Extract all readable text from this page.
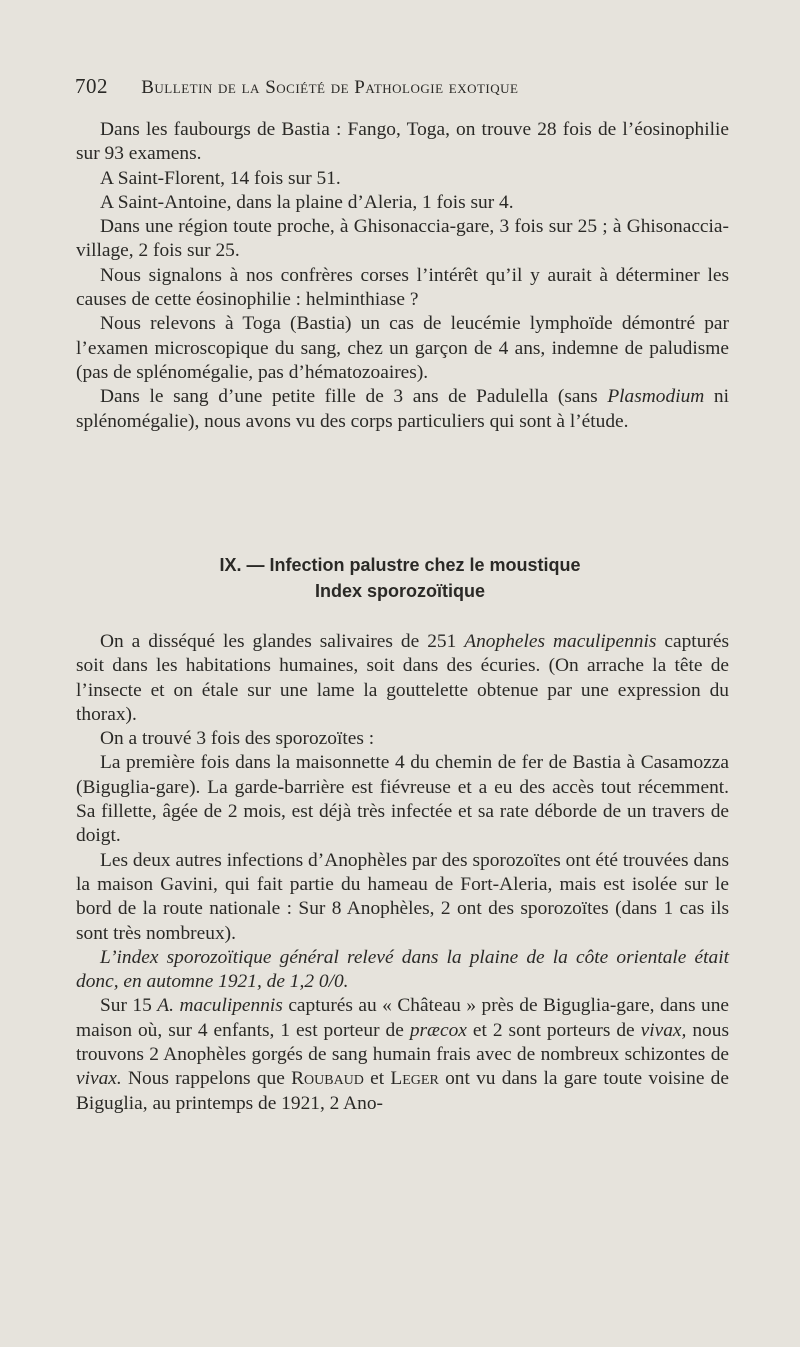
702 Bulletin de la Société de Pathologie exotique

Dans les faubourgs de Bastia : Fango, Toga, on trouve 28 fois de l’éosinophilie sur 93 examens.

A Saint-Florent, 14 fois sur 51.

A Saint-Antoine, dans la plaine d’Aleria, 1 fois sur 4.

Dans une région toute proche, à Ghisonaccia-gare, 3 fois sur 25 ; à Ghisonaccia-village, 2 fois sur 25.

Nous signalons à nos confrères corses l’intérêt qu’il y aurait à déterminer les causes de cette éosinophilie : helminthiase ?

Nous relevons à Toga (Bastia) un cas de leucémie lymphoïde démontré par l’examen microscopique du sang, chez un garçon de 4 ans, indemne de paludisme (pas de splénomégalie, pas d’hématozoaires).

Dans le sang d’une petite fille de 3 ans de Padulella (sans Plasmodium ni splénomégalie), nous avons vu des corps particuliers qui sont à l’étude.

IX. — Infection palustre chez le moustique
Index sporozoïtique

On a disséqué les glandes salivaires de 251 Anopheles maculipennis capturés soit dans les habitations humaines, soit dans des écuries. (On arrache la tête de l’insecte et on étale sur une lame la gouttelette obtenue par une expression du thorax).

On a trouvé 3 fois des sporozoïtes :

La première fois dans la maisonnette 4 du chemin de fer de Bastia à Casamozza (Biguglia-gare). La garde-barrière est fiévreuse et a eu des accès tout récemment. Sa fillette, âgée de 2 mois, est déjà très infectée et sa rate déborde de un travers de doigt.

Les deux autres infections d’Anophèles par des sporozoïtes ont été trouvées dans la maison Gavini, qui fait partie du hameau de Fort-Aleria, mais est isolée sur le bord de la route nationale : Sur 8 Anophèles, 2 ont des sporozoïtes (dans 1 cas ils sont très nombreux).

L’index sporozoïtique général relevé dans la plaine de la côte orientale était donc, en automne 1921, de 1,2 0/0.

Sur 15 A. maculipennis capturés au « Château » près de Biguglia-gare, dans une maison où, sur 4 enfants, 1 est porteur de præcox et 2 sont porteurs de vivax, nous trouvons 2 Anophèles gorgés de sang humain frais avec de nombreux schizontes de vivax. Nous rappelons que Roubaud et Leger ont vu dans la gare toute voisine de Biguglia, au printemps de 1921, 2 Ano-
